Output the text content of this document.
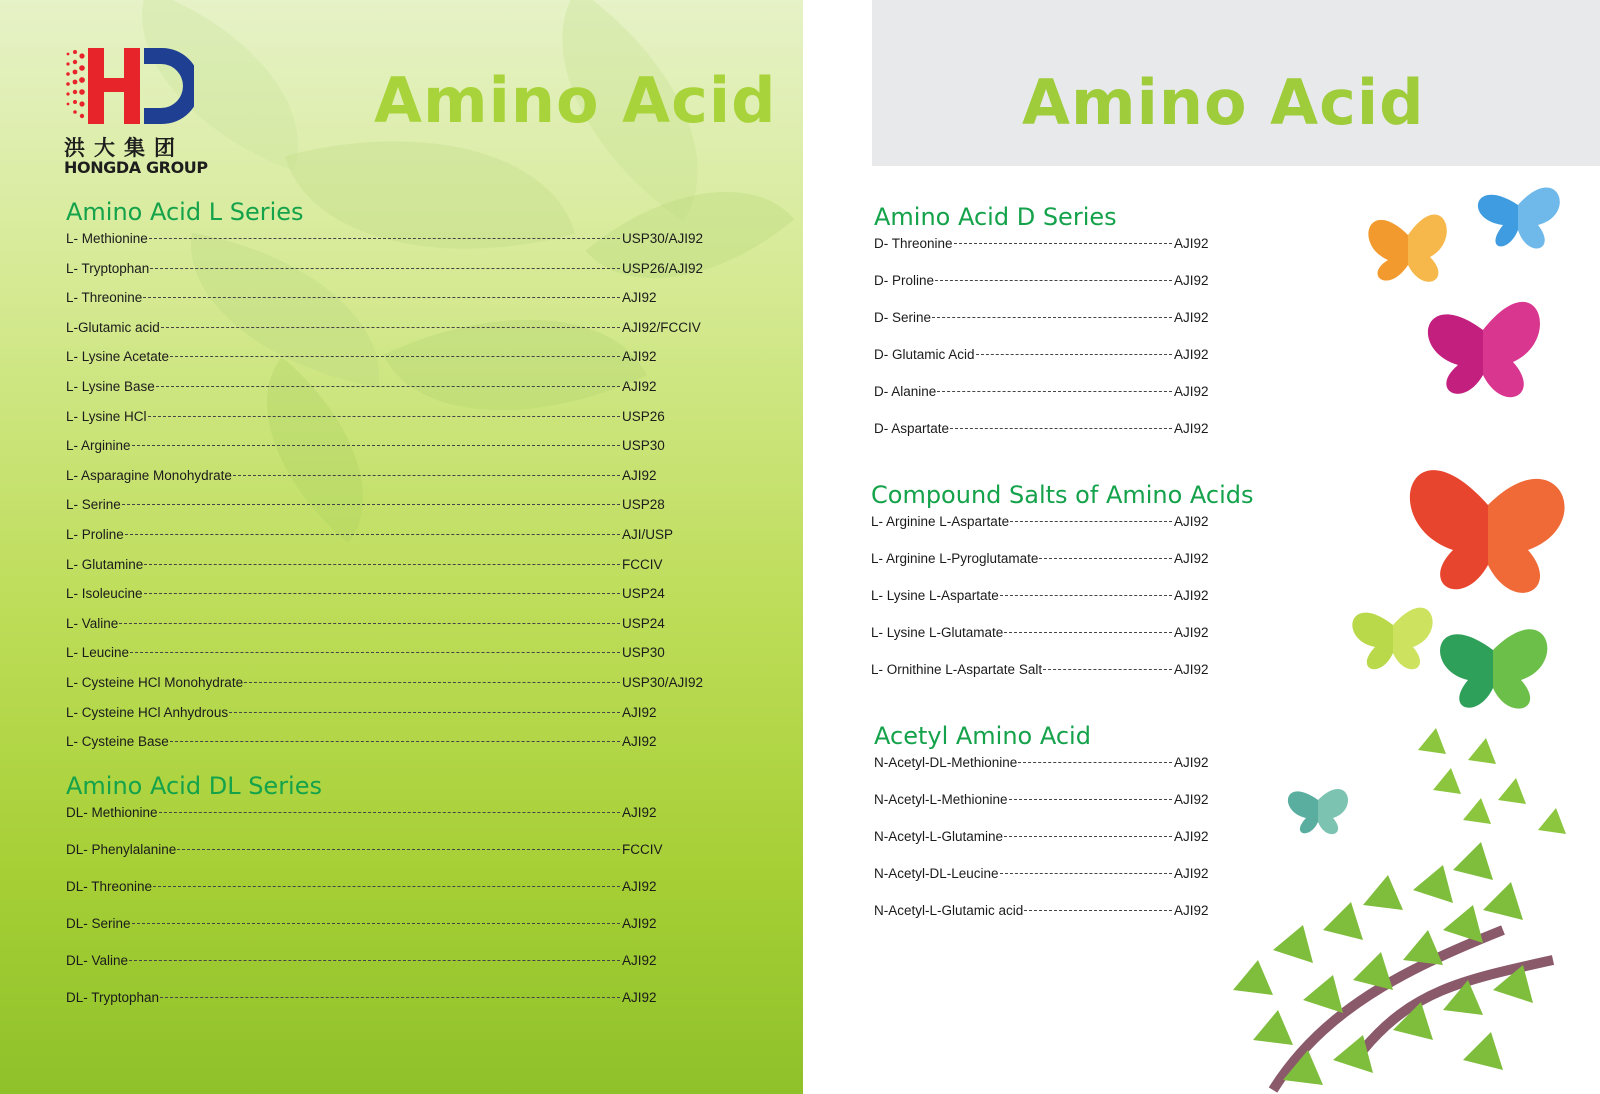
洪大集团
HONGDA GROUP
Amino Acid	Amino Acid
Amino Acid L Series
L- Methionine	USP30/AJI92
L- Tryptophan	USP26/AJI92
L- Threonine	AJI92
L-Glutamic acid	AJI92/FCCIV
L- Lysine Acetate	AJI92
L- Lysine Base	AJI92
L- Lysine HCl	USP26
L- Arginine	USP30
L- Asparagine Monohydrate	AJI92
L- Serine	USP28
L- Proline	AJI/USP
L- Glutamine	FCCIV
L- Isoleucine	USP24
L- Valine	USP24
L- Leucine	USP30
L- Cysteine HCl Monohydrate	USP30/AJI92
L- Cysteine HCl Anhydrous	AJI92
L- Cysteine Base	AJI92
Amino Acid DL Series
DL- Methionine	AJI92
DL- Phenylalanine	FCCIV
DL- Threonine	AJI92
DL- Serine	AJI92
DL- Valine	AJI92
DL- Tryptophan	AJI92
Amino Acid D Series
D- Threonine	AJI92
D- Proline	AJI92
D- Serine	AJI92
D- Glutamic Acid	AJI92
D- Alanine	AJI92
D- Aspartate	AJI92
Compound Salts of Amino Acids
L- Arginine L-Aspartate	AJI92
L- Arginine L-Pyroglutamate	AJI92
L- Lysine L-Aspartate	AJI92
L- Lysine L-Glutamate	AJI92
L- Ornithine L-Aspartate Salt	AJI92
Acetyl Amino Acid
N-Acetyl-DL-Methionine	AJI92
N-Acetyl-L-Methionine	AJI92
N-Acetyl-L-Glutamine	AJI92
N-Acetyl-DL-Leucine	AJI92
N-Acetyl-L-Glutamic acid	AJI92
